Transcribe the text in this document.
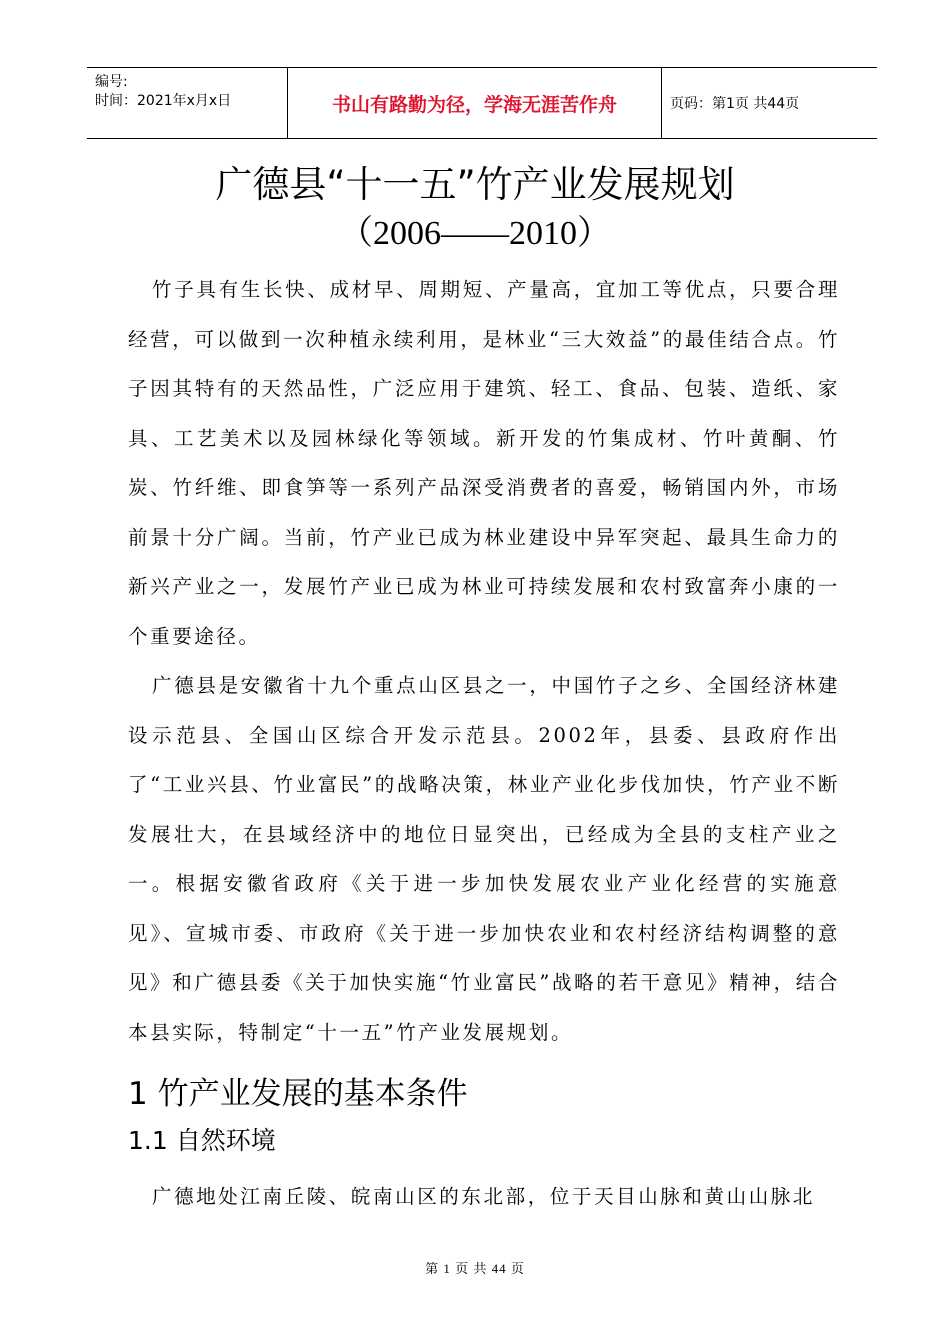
编号:
时间：2021年x月x日	书山有路勤为径，学海无涯苦作舟	页码：第1页 共44页
广德县“十一五”竹产业发展规划
（2006——2010）

竹子具有生长快、成材早、周期短、产量高，宜加工等优点，只要合理经营，可以做到一次种植永续利用，是林业“三大效益”的最佳结合点。竹子因其特有的天然品性，广泛应用于建筑、轻工、食品、包装、造纸、家具、工艺美术以及园林绿化等领域。新开发的竹集成材、竹叶黄酮、竹炭、竹纤维、即食笋等一系列产品深受消费者的喜爱，畅销国内外，市场前景十分广阔。当前，竹产业已成为林业建设中异军突起、最具生命力的新兴产业之一，发展竹产业已成为林业可持续发展和农村致富奔小康的一个重要途径。

广德县是安徽省十九个重点山区县之一，中国竹子之乡、全国经济林建设示范县、全国山区综合开发示范县。2002年，县委、县政府作出了“工业兴县、竹业富民”的战略决策，林业产业化步伐加快，竹产业不断发展壮大，在县域经济中的地位日显突出，已经成为全县的支柱产业之一。根据安徽省政府《关于进一步加快发展农业产业化经营的实施意见》、宣城市委、市政府《关于进一步加快农业和农村经济结构调整的意见》和广德县委《关于加快实施“竹业富民”战略的若干意见》精神，结合本县实际，特制定“十一五”竹产业发展规划。

1 竹产业发展的基本条件
1.1 自然环境

广德地处江南丘陵、皖南山区的东北部，位于天目山脉和黄山山脉北

第 1 页 共 44 页
